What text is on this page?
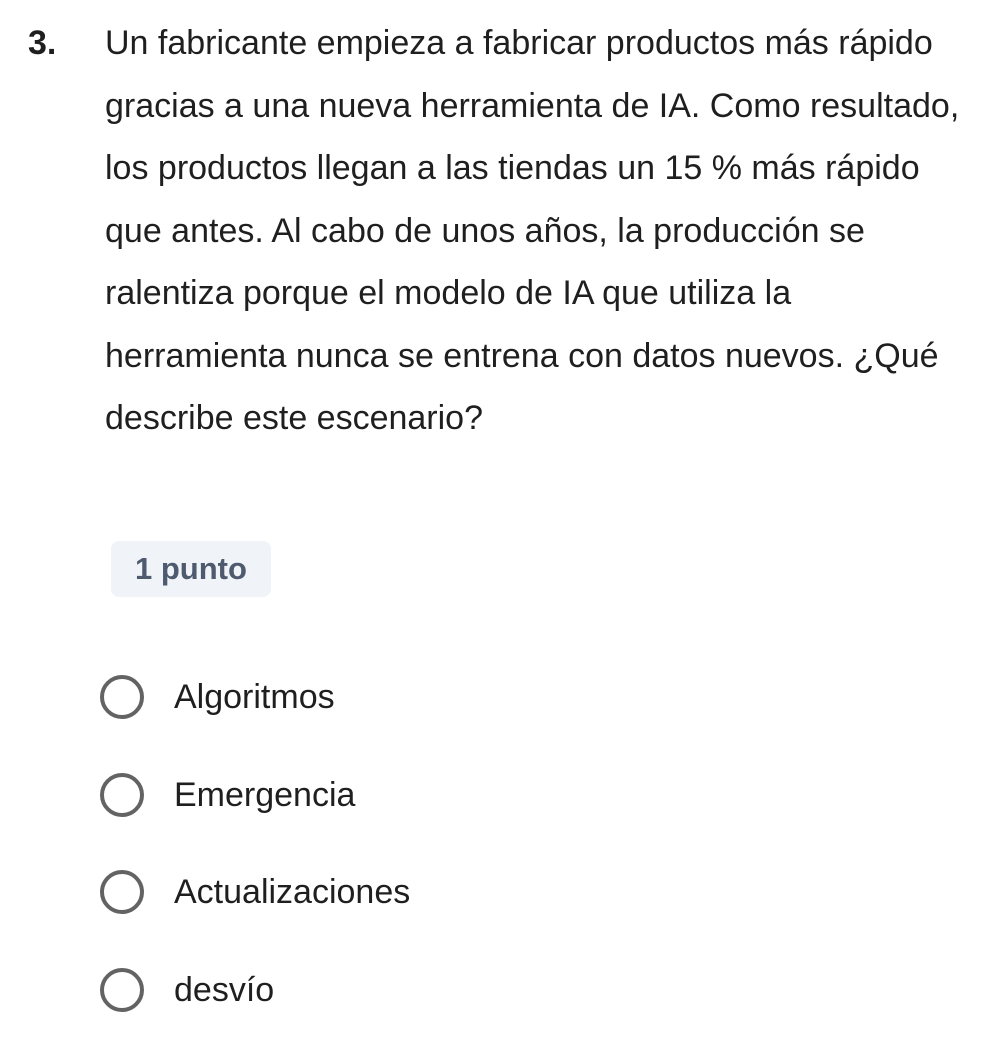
3. Un fabricante empieza a fabricar productos más rápido gracias a una nueva herramienta de IA. Como resultado, los productos llegan a las tiendas un 15 % más rápido que antes. Al cabo de unos años, la producción se ralentiza porque el modelo de IA que utiliza la herramienta nunca se entrena con datos nuevos. ¿Qué describe este escenario?

1 punto
Algoritmos
Emergencia
Actualizaciones
desvío
